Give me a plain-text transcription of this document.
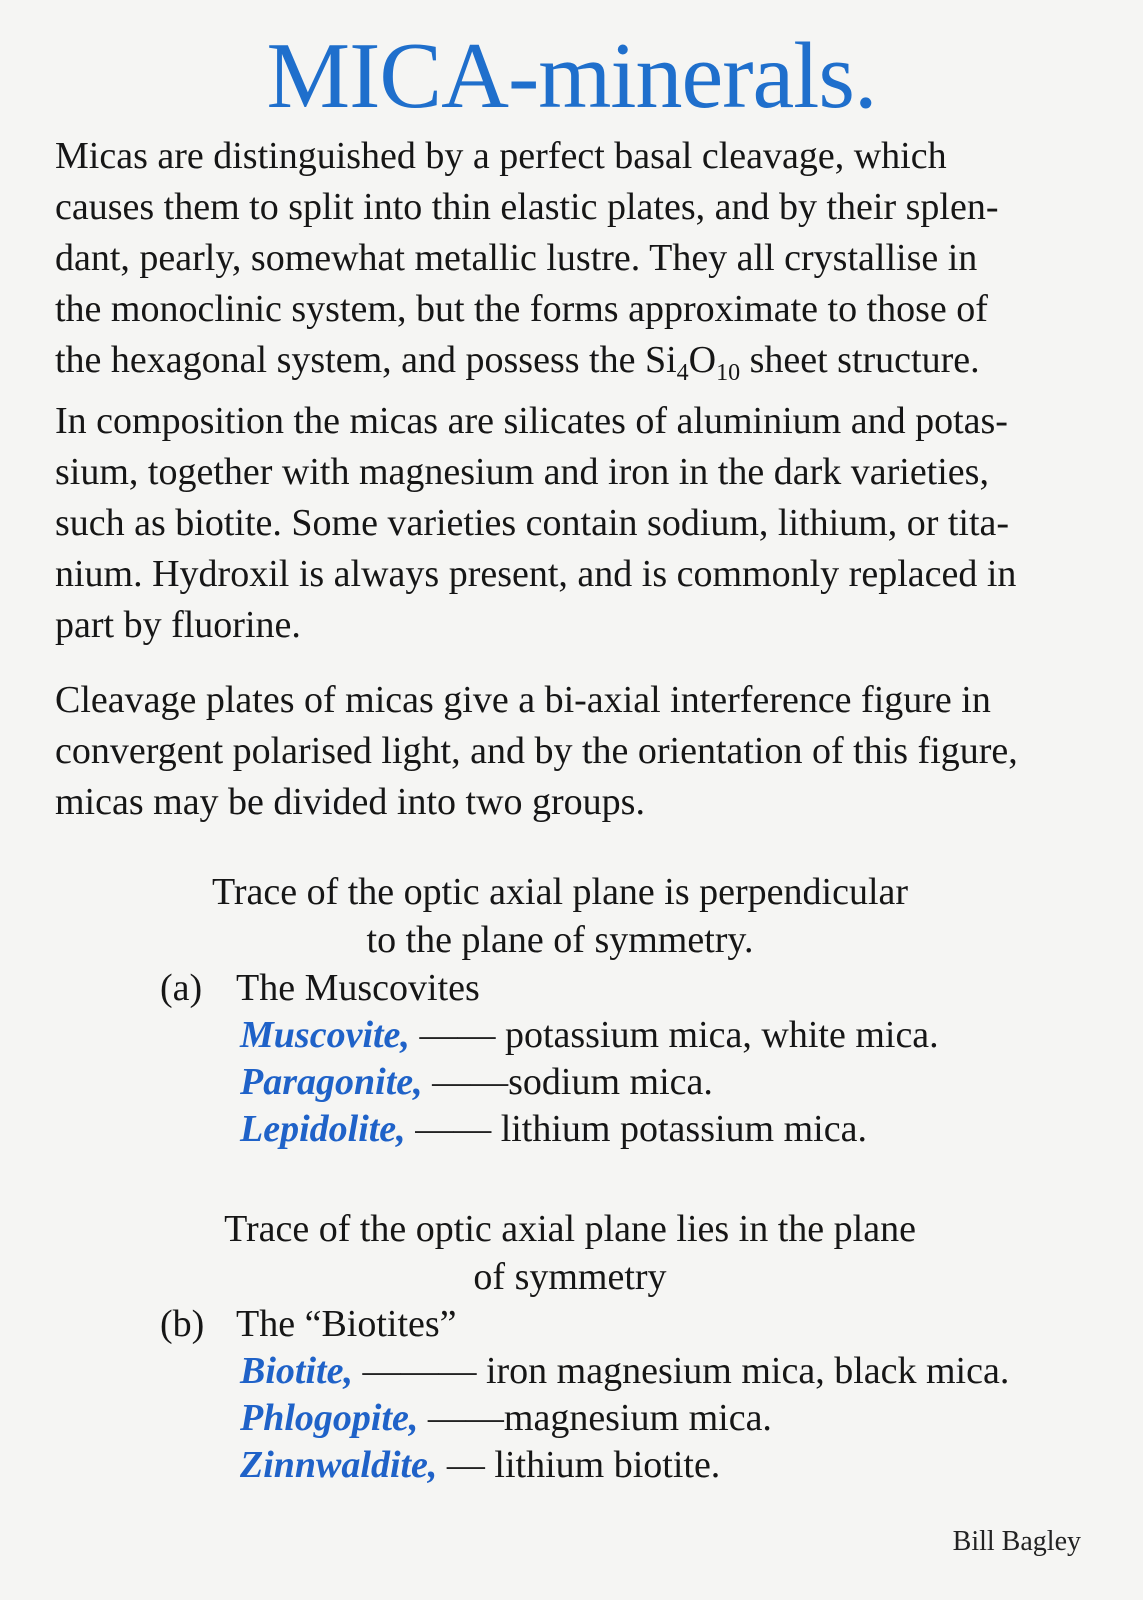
MICA-minerals.
Micas are distinguished by a perfect basal cleavage, which
causes them to split into thin elastic plates, and by their splen-
dant, pearly, somewhat metallic lustre. They all crystallise in
the monoclinic system, but the forms approximate to those of
the hexagonal system, and possess the $Si_4O_{10}$ sheet structure.
In composition the micas are silicates of aluminium and potas-
sium, together with magnesium and iron in the dark varieties,
such as biotite. Some varieties contain sodium, lithium, or tita-
nium. Hydroxil is always present, and is commonly replaced in
part by fluorine.
Cleavage plates of micas give a bi-axial interference figure in
convergent polarised light, and by the orientation of this figure,
micas may be divided into two groups.
Trace of the optic axial plane is perpendicular
to the plane of symmetry.
(a) The Muscovites
Muscovite, —— potassium mica, white mica.
Paragonite, ——sodium mica.
Lepidolite, —— lithium potassium mica.
Trace of the optic axial plane lies in the plane
of symmetry
(b) The “Biotites”
Biotite, ——— iron magnesium mica, black mica.
Phlogopite, ——magnesium mica.
Zinnwaldite, — lithium biotite.
Bill Bagley
